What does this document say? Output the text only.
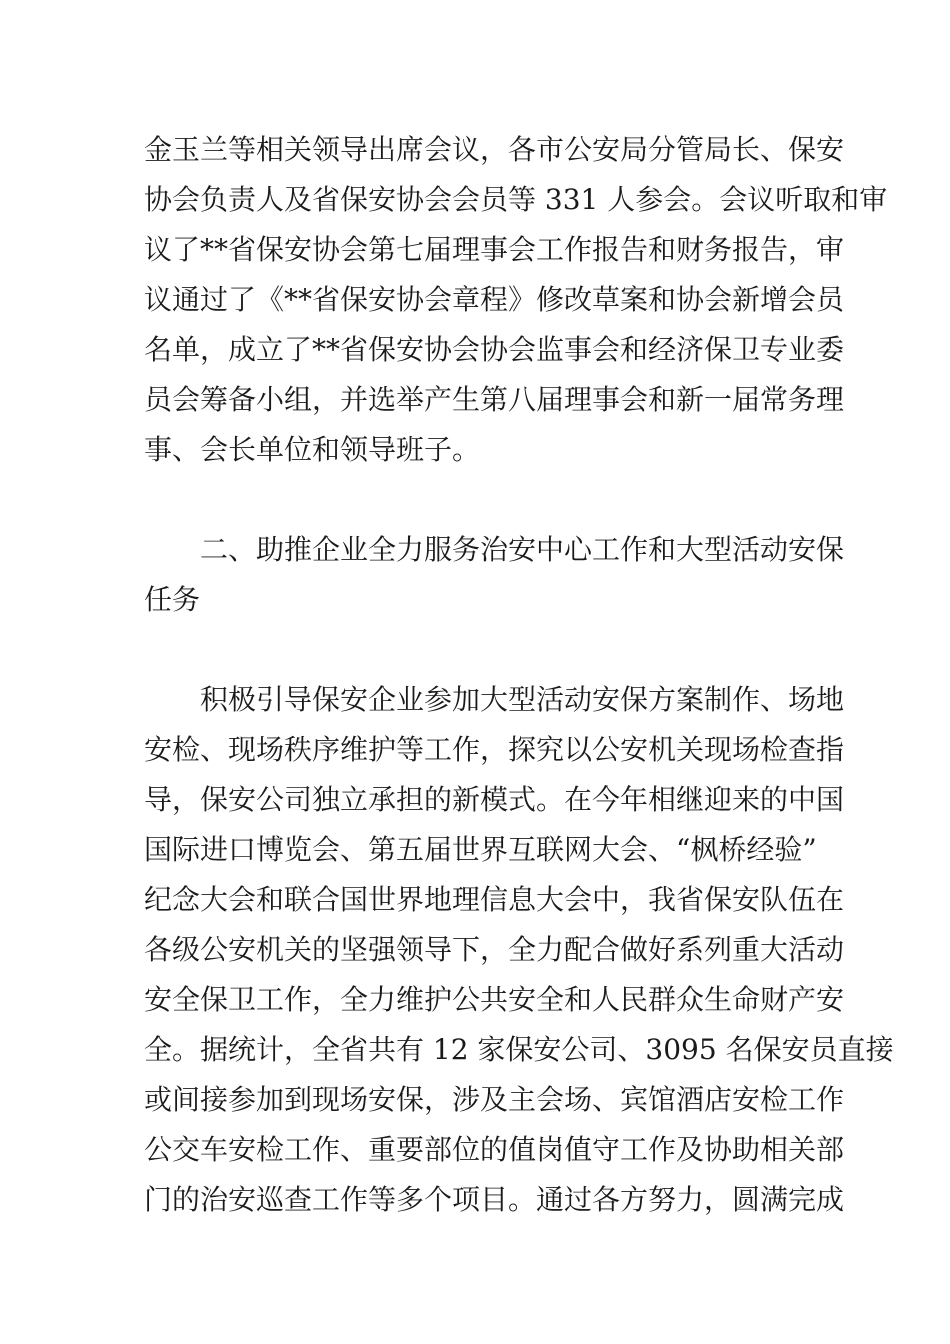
金玉兰等相关领导出席会议，各市公安局分管局长、保安
协会负责人及省保安协会会员等 331 人参会。会议听取和审
议了**省保安协会第七届理事会工作报告和财务报告，审
议通过了《**省保安协会章程》修改草案和协会新增会员
名单，成立了**省保安协会协会监事会和经济保卫专业委
员会筹备小组，并选举产生第八届理事会和新一届常务理
事、会长单位和领导班子。
二、助推企业全力服务治安中心工作和大型活动安保
任务
积极引导保安企业参加大型活动安保方案制作、场地
安检、现场秩序维护等工作，探究以公安机关现场检查指
导，保安公司独立承担的新模式。在今年相继迎来的中国
国际进口博览会、第五届世界互联网大会、“枫桥经验”
纪念大会和联合国世界地理信息大会中，我省保安队伍在
各级公安机关的坚强领导下，全力配合做好系列重大活动
安全保卫工作，全力维护公共安全和人民群众生命财产安
全。据统计，全省共有 12 家保安公司、3095 名保安员直接
或间接参加到现场安保，涉及主会场、宾馆酒店安检工作
公交车安检工作、重要部位的值岗值守工作及协助相关部
门的治安巡查工作等多个项目。通过各方努力，圆满完成
